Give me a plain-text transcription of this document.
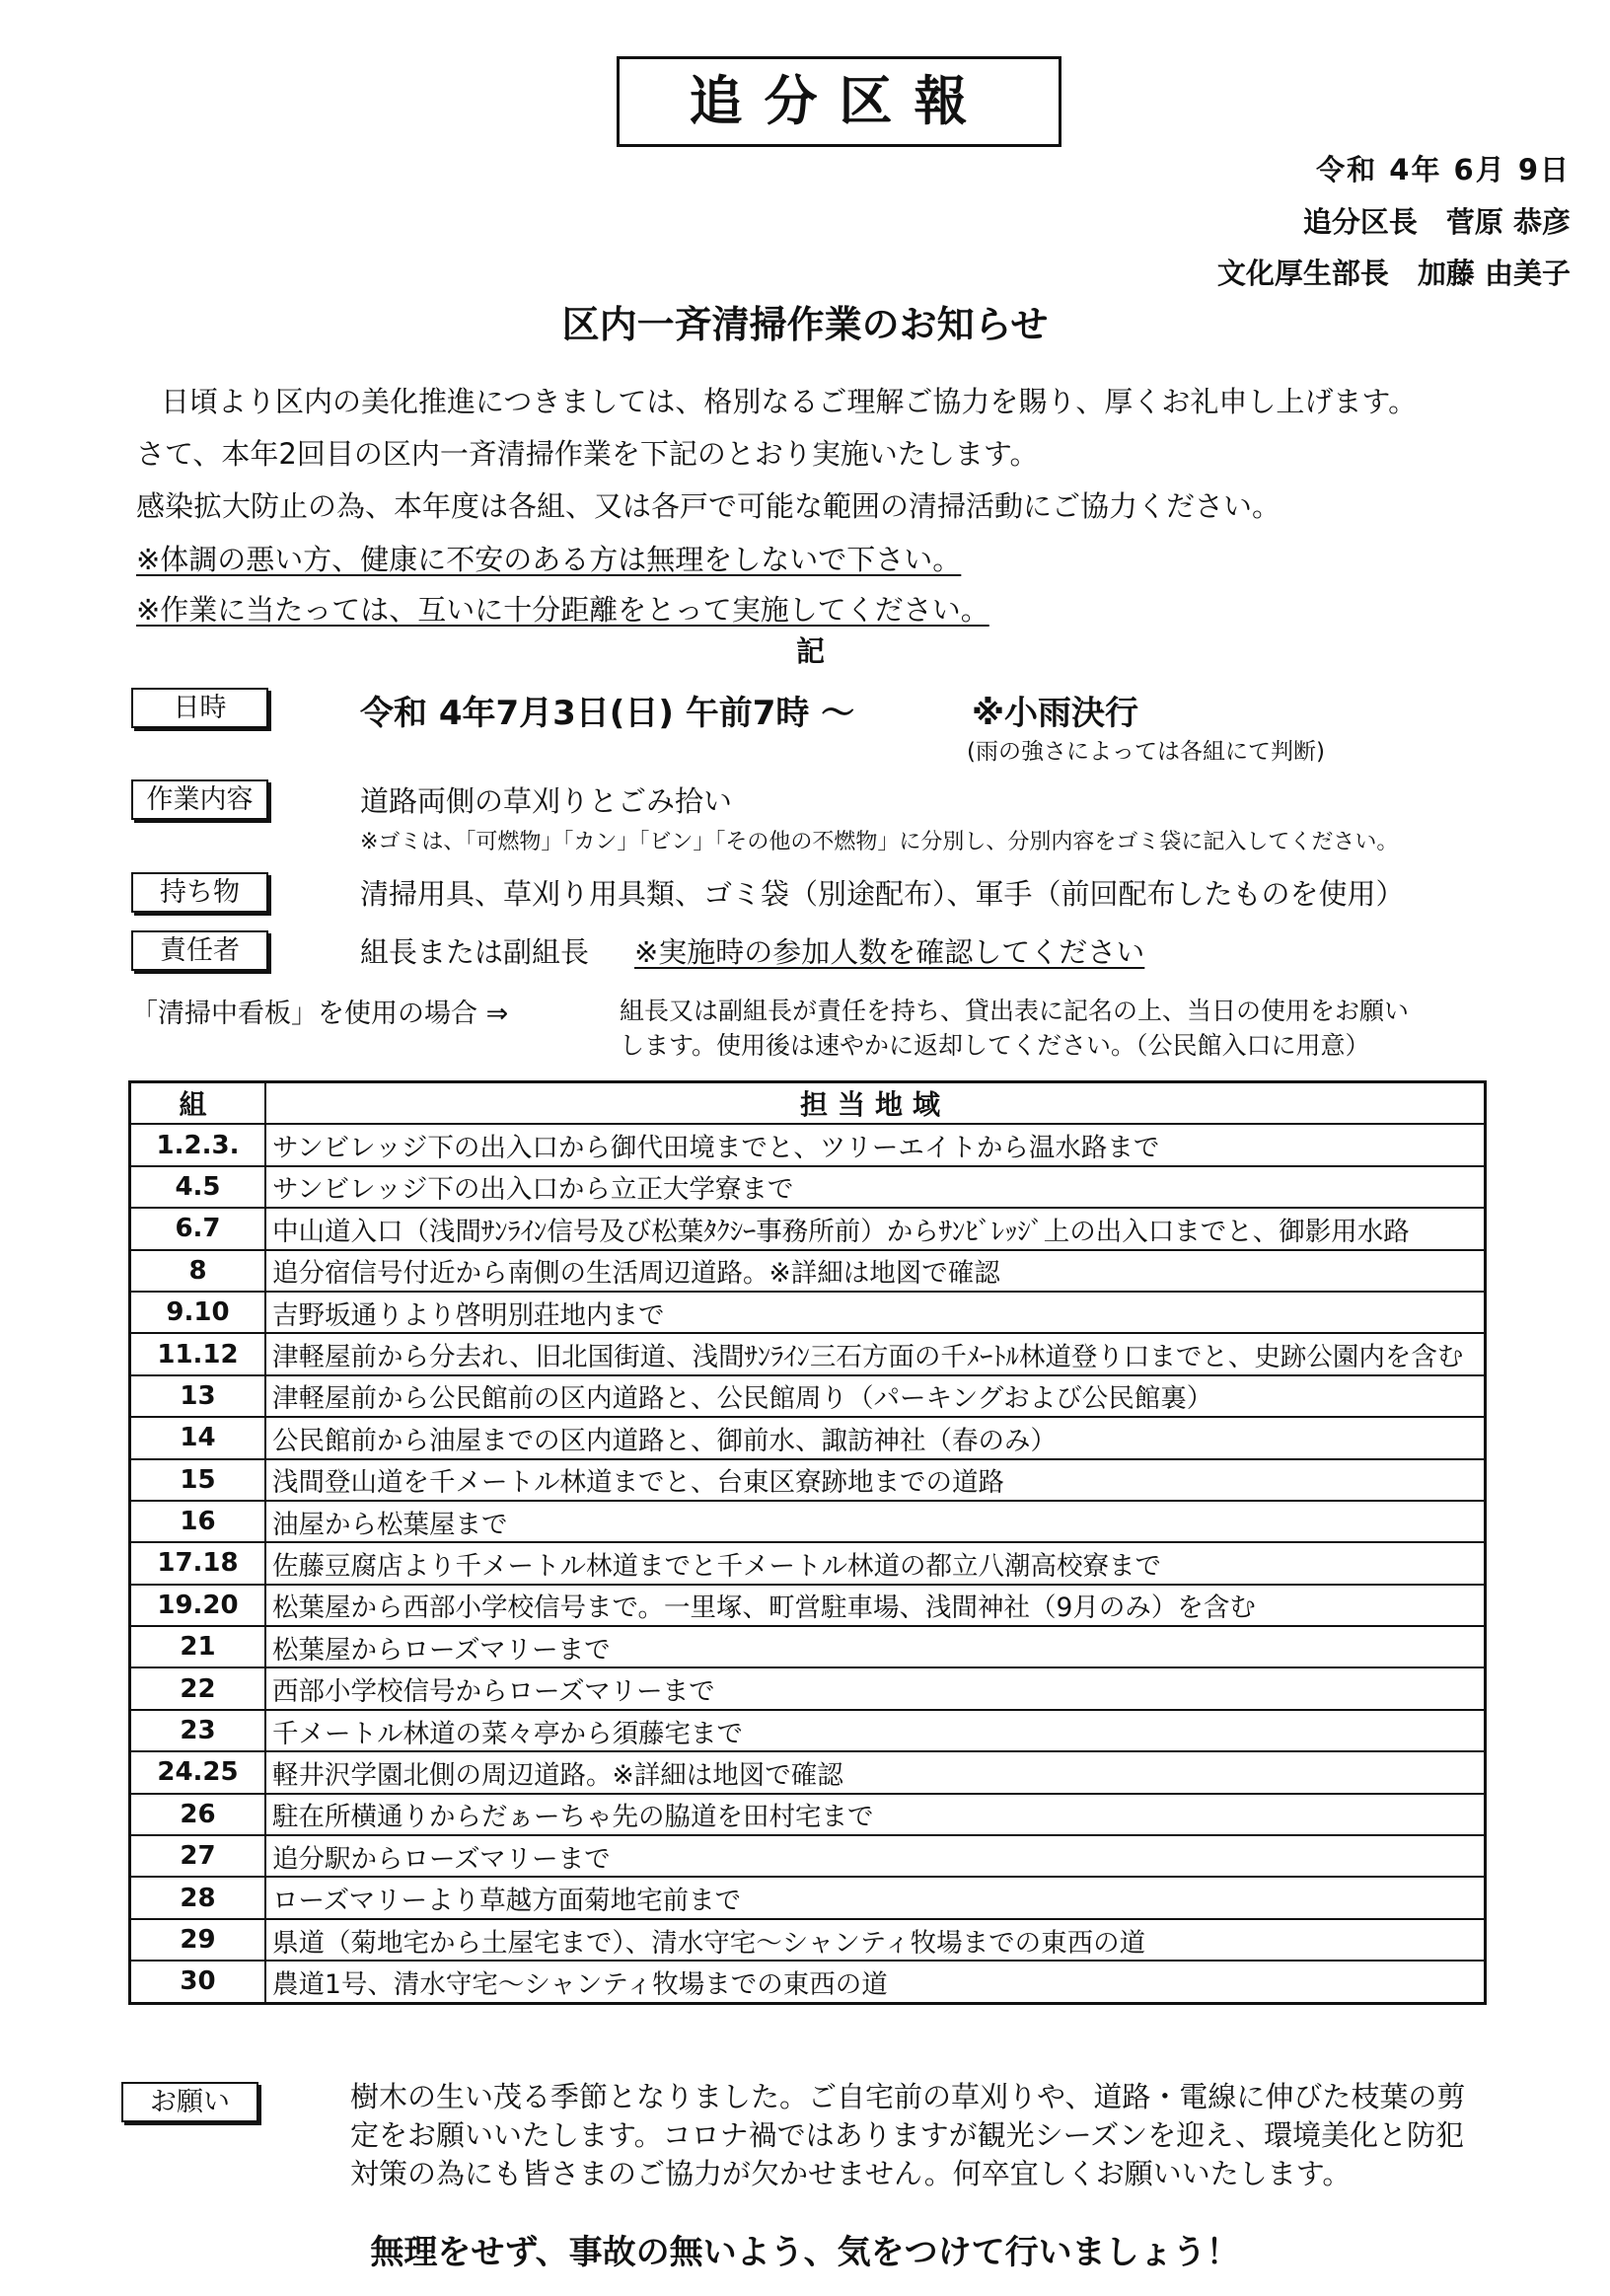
追分区報
令和 4年 6月 9日
追分区長　菅原 恭彦
文化厚生部長　加藤 由美子
区内一斉清掃作業のお知らせ
日頃より区内の美化推進につきましては、格別なるご理解ご協力を賜り、厚くお礼申し上げます。
さて、本年2回目の区内一斉清掃作業を下記のとおり実施いたします。
感染拡大防止の為、本年度は各組、又は各戸で可能な範囲の清掃活動にご協力ください。
※体調の悪い方、健康に不安のある方は無理をしないで下さい。
※作業に当たっては、互いに十分距離をとって実施してください。
記
日時	令和 4年7月3日(日) 午前7時 ～	※小雨決行
(雨の強さによっては各組にて判断)
作業内容	道路両側の草刈りとごみ拾い
※ゴミは、「可燃物」「カン」「ビン」「その他の不燃物」に分別し、分別内容をゴミ袋に記入してください。
持ち物	清掃用具、草刈り用具類、ゴミ袋（別途配布）、軍手（前回配布したものを使用）
責任者	組長または副組長 ※実施時の参加人数を確認してください
「清掃中看板」を使用の場合 ⇒	組長又は副組長が責任を持ち、貸出表に記名の上、当日の使用をお願い
します。使用後は速やかに返却してください。（公民館入口に用意）
組	担当地域
1.2.3.	サンビレッジ下の出入口から御代田境までと、ツリーエイトから温水路まで
4.5	サンビレッジ下の出入口から立正大学寮まで
6.7	中山道入口（浅間ｻﾝﾗｲﾝ信号及び松葉ﾀｸｼｰ事務所前）からｻﾝﾋﾞﾚｯｼﾞ上の出入口までと、御影用水路
8	追分宿信号付近から南側の生活周辺道路。※詳細は地図で確認
9.10	吉野坂通りより啓明別荘地内まで
11.12	津軽屋前から分去れ、旧北国街道、浅間ｻﾝﾗｲﾝ三石方面の千ﾒｰﾄﾙ林道登り口までと、史跡公園内を含む
13	津軽屋前から公民館前の区内道路と、公民館周り（パーキングおよび公民館裏）
14	公民館前から油屋までの区内道路と、御前水、諏訪神社（春のみ）
15	浅間登山道を千メートル林道までと、台東区寮跡地までの道路
16	油屋から松葉屋まで
17.18	佐藤豆腐店より千メートル林道までと千メートル林道の都立八潮高校寮まで
19.20	松葉屋から西部小学校信号まで。一里塚、町営駐車場、浅間神社（9月のみ）を含む
21	松葉屋からローズマリーまで
22	西部小学校信号からローズマリーまで
23	千メートル林道の菜々亭から須藤宅まで
24.25	軽井沢学園北側の周辺道路。※詳細は地図で確認
26	駐在所横通りからだぁーちゃ先の脇道を田村宅まで
27	追分駅からローズマリーまで
28	ローズマリーより草越方面菊地宅前まで
29	県道（菊地宅から土屋宅まで）、清水守宅～シャンティ牧場までの東西の道
30	農道1号、清水守宅～シャンティ牧場までの東西の道
お願い	樹木の生い茂る季節となりました。ご自宅前の草刈りや、道路・電線に伸びた枝葉の剪
定をお願いいたします。コロナ禍ではありますが観光シーズンを迎え、環境美化と防犯
対策の為にも皆さまのご協力が欠かせません。何卒宜しくお願いいたします。
無理をせず、事故の無いよう、気をつけて行いましょう！
